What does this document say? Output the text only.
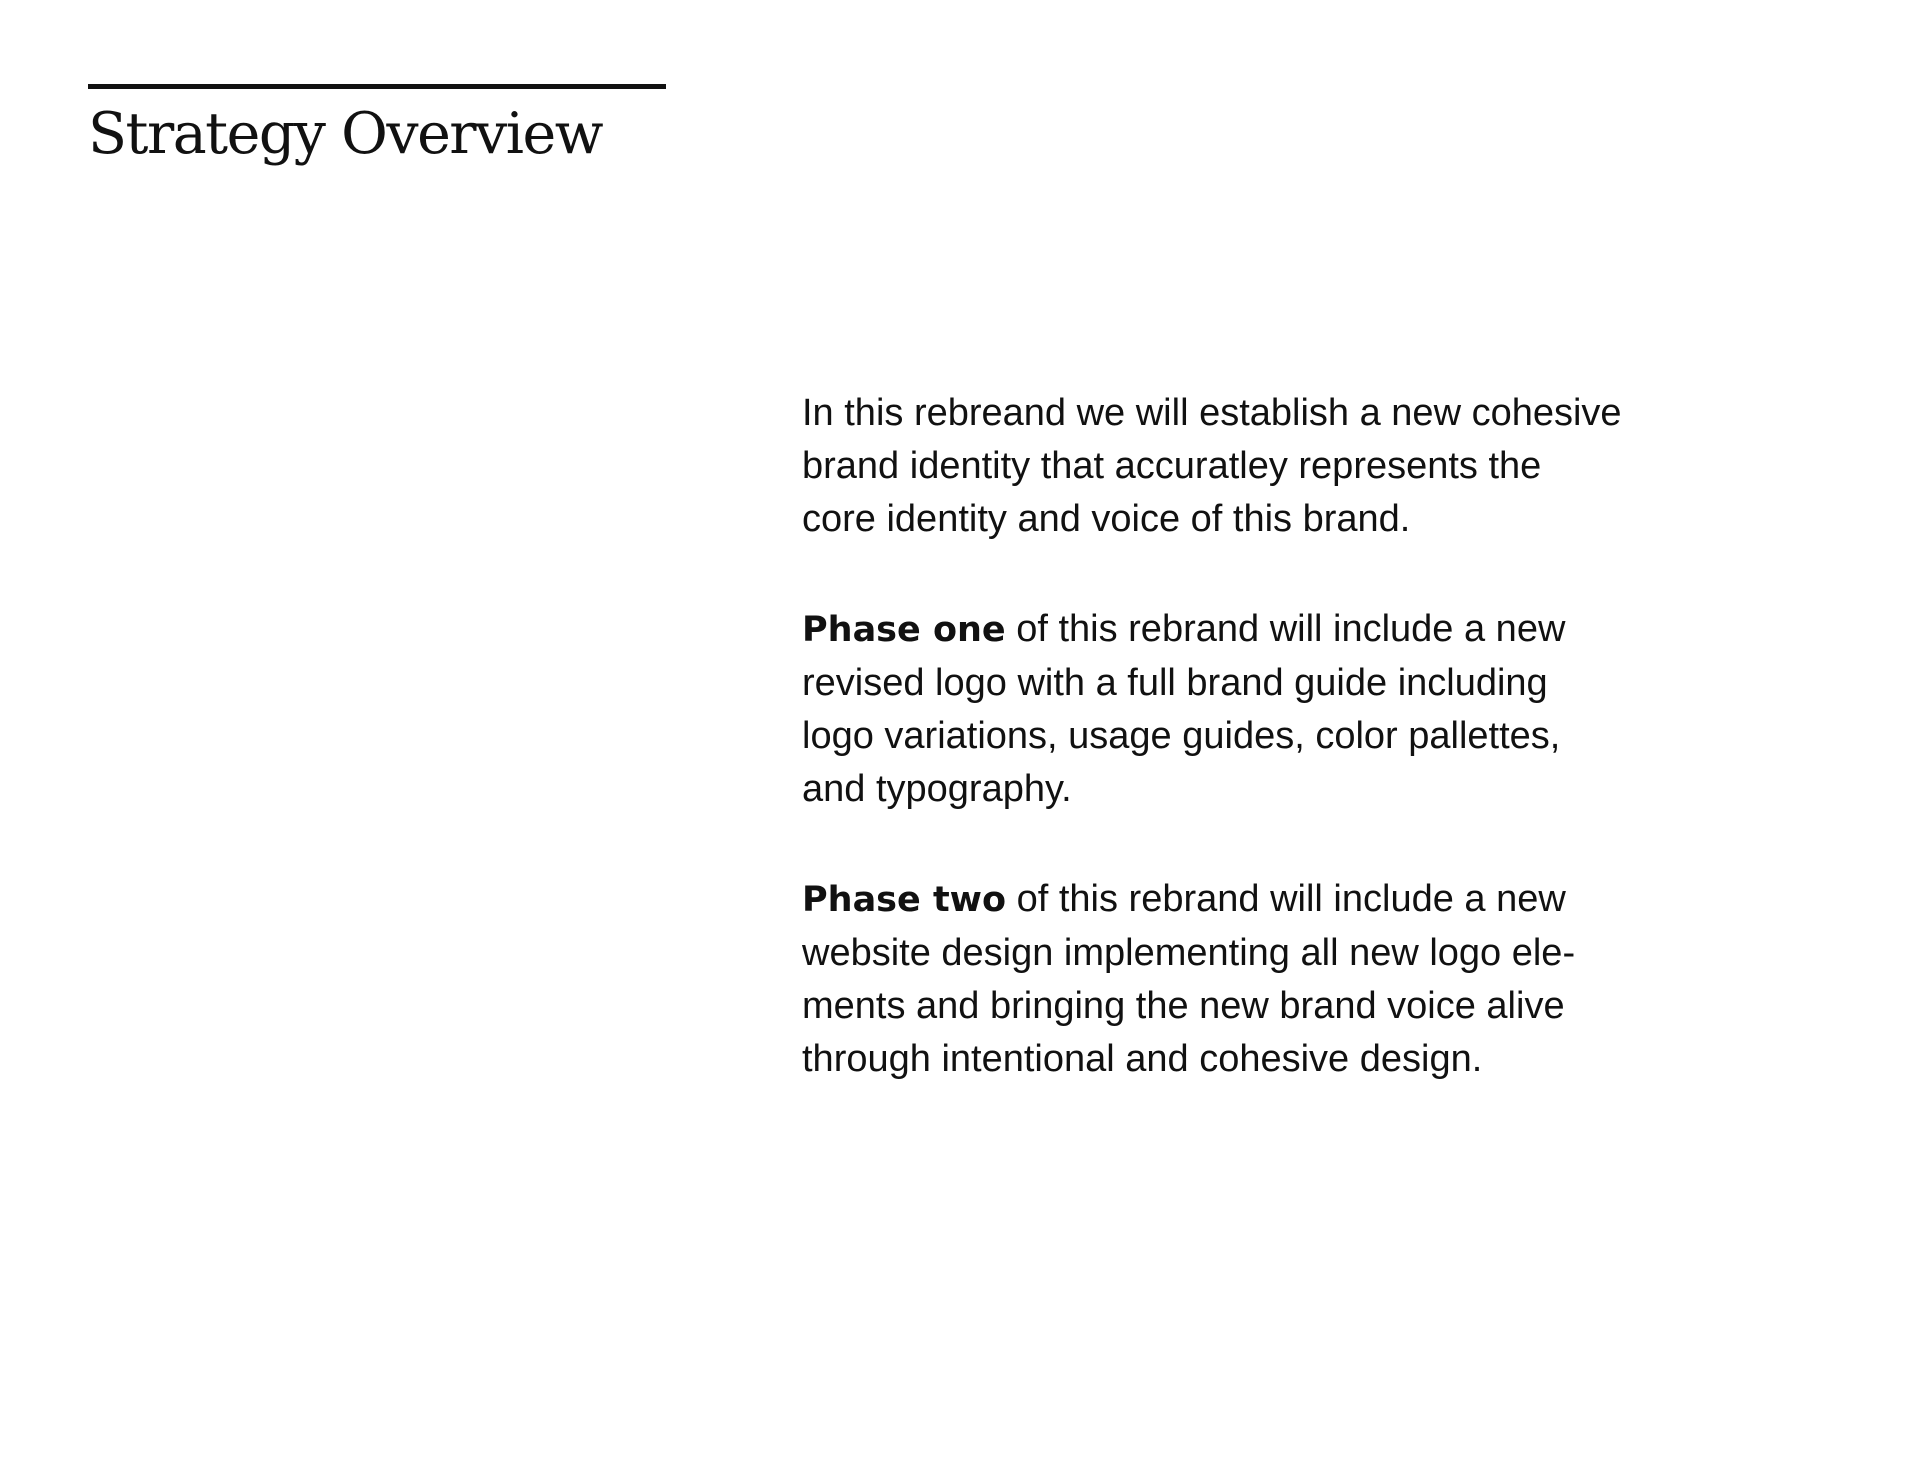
Strategy Overview

In this rebreand we will establish a new cohesive
brand identity that accuratley represents the
core identity and voice of this brand.

Phase one of this rebrand will include a new
revised logo with a full brand guide including
logo variations, usage guides, color pallettes,
and typography.

Phase two of this rebrand will include a new
website design implementing all new logo ele-
ments and bringing the new brand voice alive
through intentional and cohesive design.
